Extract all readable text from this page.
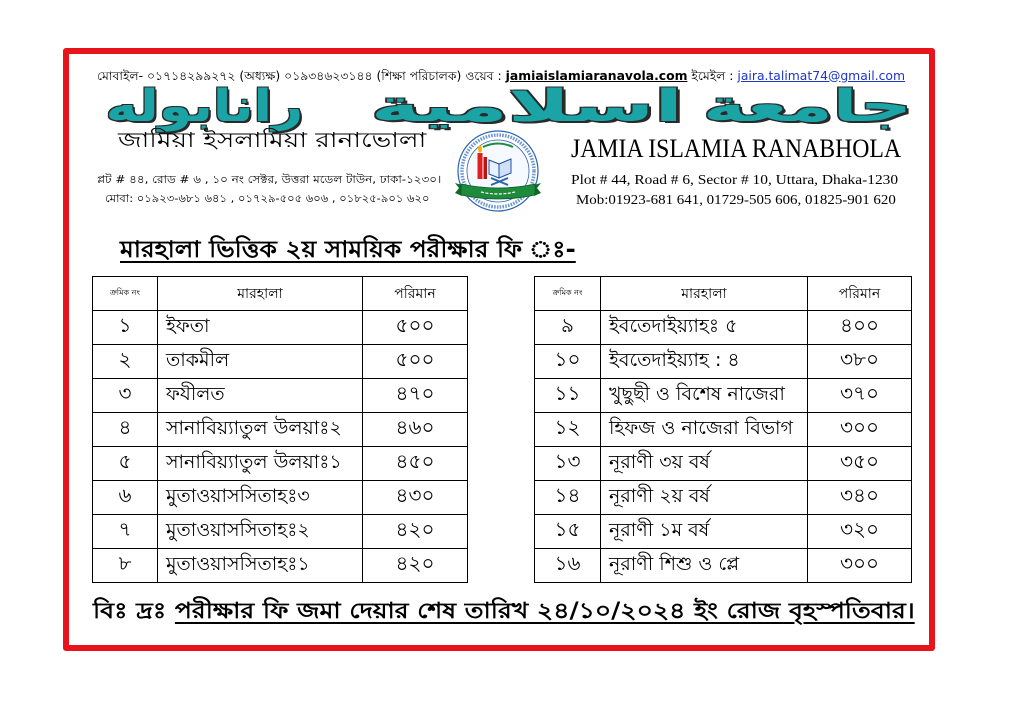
মোবাইল- ০১৭১৪২৯৯২৭২ (অধ্যক্ষ) ০১৯৩৪৬২৩১৪৪ (শিক্ষা পরিচালক) ওয়েব : jamiaislamiaranavola.com ইমেইল : jaira.talimat74@gmail.com
جامعة
اسلامية
رانابوله
জামিয়া ইসলামিয়া রানাভোলা	JAMIA ISLAMIA RANABHOLA
প্লট # ৪৪, রোড # ৬ , ১০ নং সেক্টর, উত্তরা মডেল টাউন, ঢাকা-১২৩০।
মোবা: ০১৯২৩-৬৮১ ৬৪১ , ০১৭২৯-৫০৫ ৬০৬ , ০১৮২৫-৯০১ ৬২০
Plot # 44, Road # 6, Sector # 10, Uttara, Dhaka-1230
Mob:01923-681 641, 01729-505 606, 01825-901 620
মারহালা ভিত্তিক ২য় সাময়িক পরীক্ষার ফি ঃ-
ক্রমিক নং	মারহালা	পরিমান

১	ইফতা	৫০০

২	তাকমীল	৫০০

৩	ফযীলত	৪৭০

৪	সানাবিয়্যাতুল উলয়াঃ২	৪৬০

৫	সানাবিয়্যাতুল উলয়াঃ১	৪৫০

৬	মুতাওয়াসসিতাহঃ৩	৪৩০

৭	মুতাওয়াসসিতাহঃ২	৪২০

৮	মুতাওয়াসসিতাহঃ১	৪২০
ক্রমিক নং	মারহালা	পরিমান

৯	ইবতেদাইয়্যাহঃ ৫	৪০০

১০	ইবতেদাইয়্যাহ : ৪	৩৮০

১১	খুছুছী ও বিশেষ নাজেরা	৩৭০

১২	হিফজ ও নাজেরা বিভাগ	৩০০

১৩	নূরাণী ৩য় বর্ষ	৩৫০

১৪	নূরাণী ২য় বর্ষ	৩৪০

১৫	নূরাণী ১ম বর্ষ	৩২০

১৬	নূরাণী শিশু ও প্লে	৩০০
বিঃ দ্রঃ পরীক্ষার ফি জমা দেয়ার শেষ তারিখ ২৪/১০/২০২৪ ইং রোজ বৃহস্পতিবার।
